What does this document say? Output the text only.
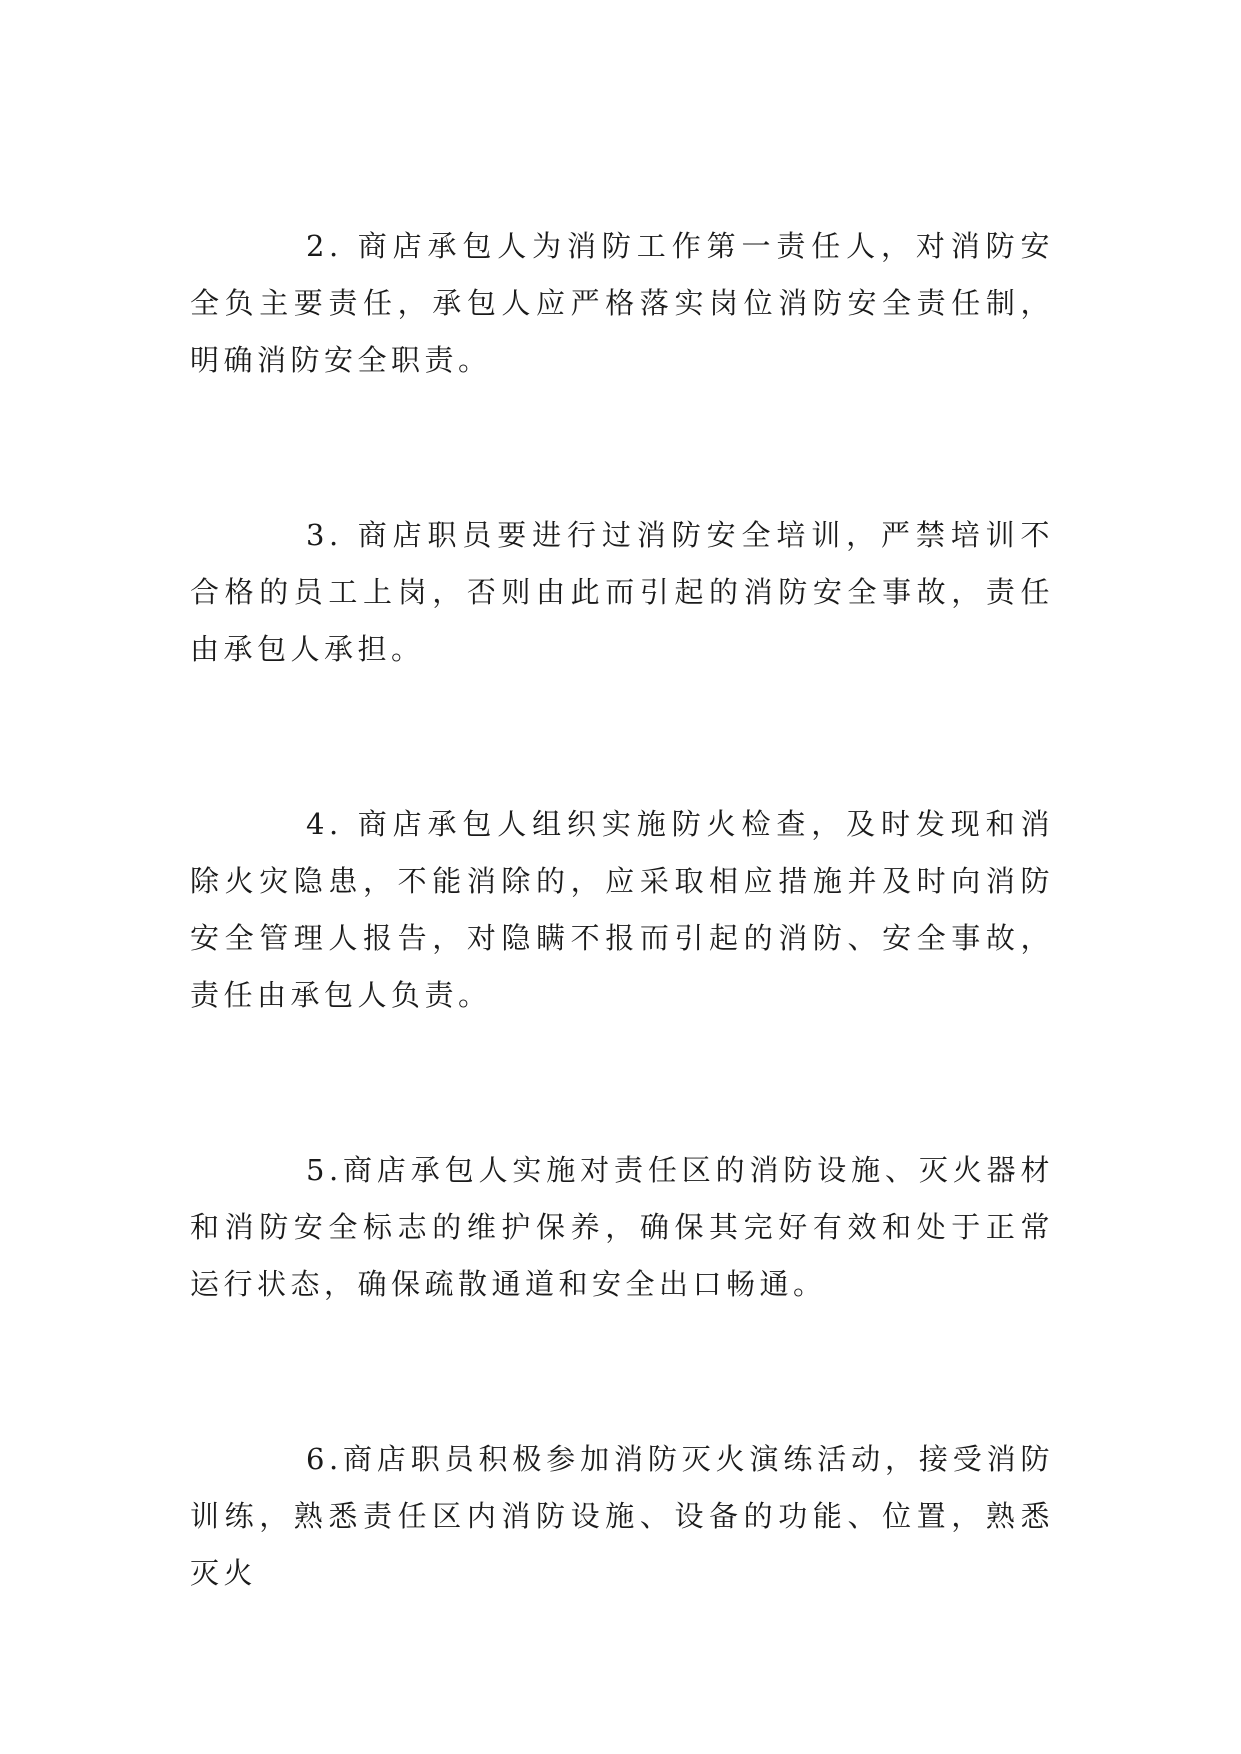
2. 商店承包人为消防工作第一责任人，对消防安全负主要责任，承包人应严格落实岗位消防安全责任制，明确消防安全职责。

3. 商店职员要进行过消防安全培训，严禁培训不合格的员工上岗，否则由此而引起的消防安全事故，责任由承包人承担。

4. 商店承包人组织实施防火检查，及时发现和消除火灾隐患，不能消除的，应采取相应措施并及时向消防安全管理人报告，对隐瞒不报而引起的消防、安全事故，责任由承包人负责。

5.商店承包人实施对责任区的消防设施、灭火器材和消防安全标志的维护保养，确保其完好有效和处于正常运行状态，确保疏散通道和安全出口畅通。

6.商店职员积极参加消防灭火演练活动，接受消防训练，熟悉责任区内消防设施、设备的功能、位置，熟悉灭火
